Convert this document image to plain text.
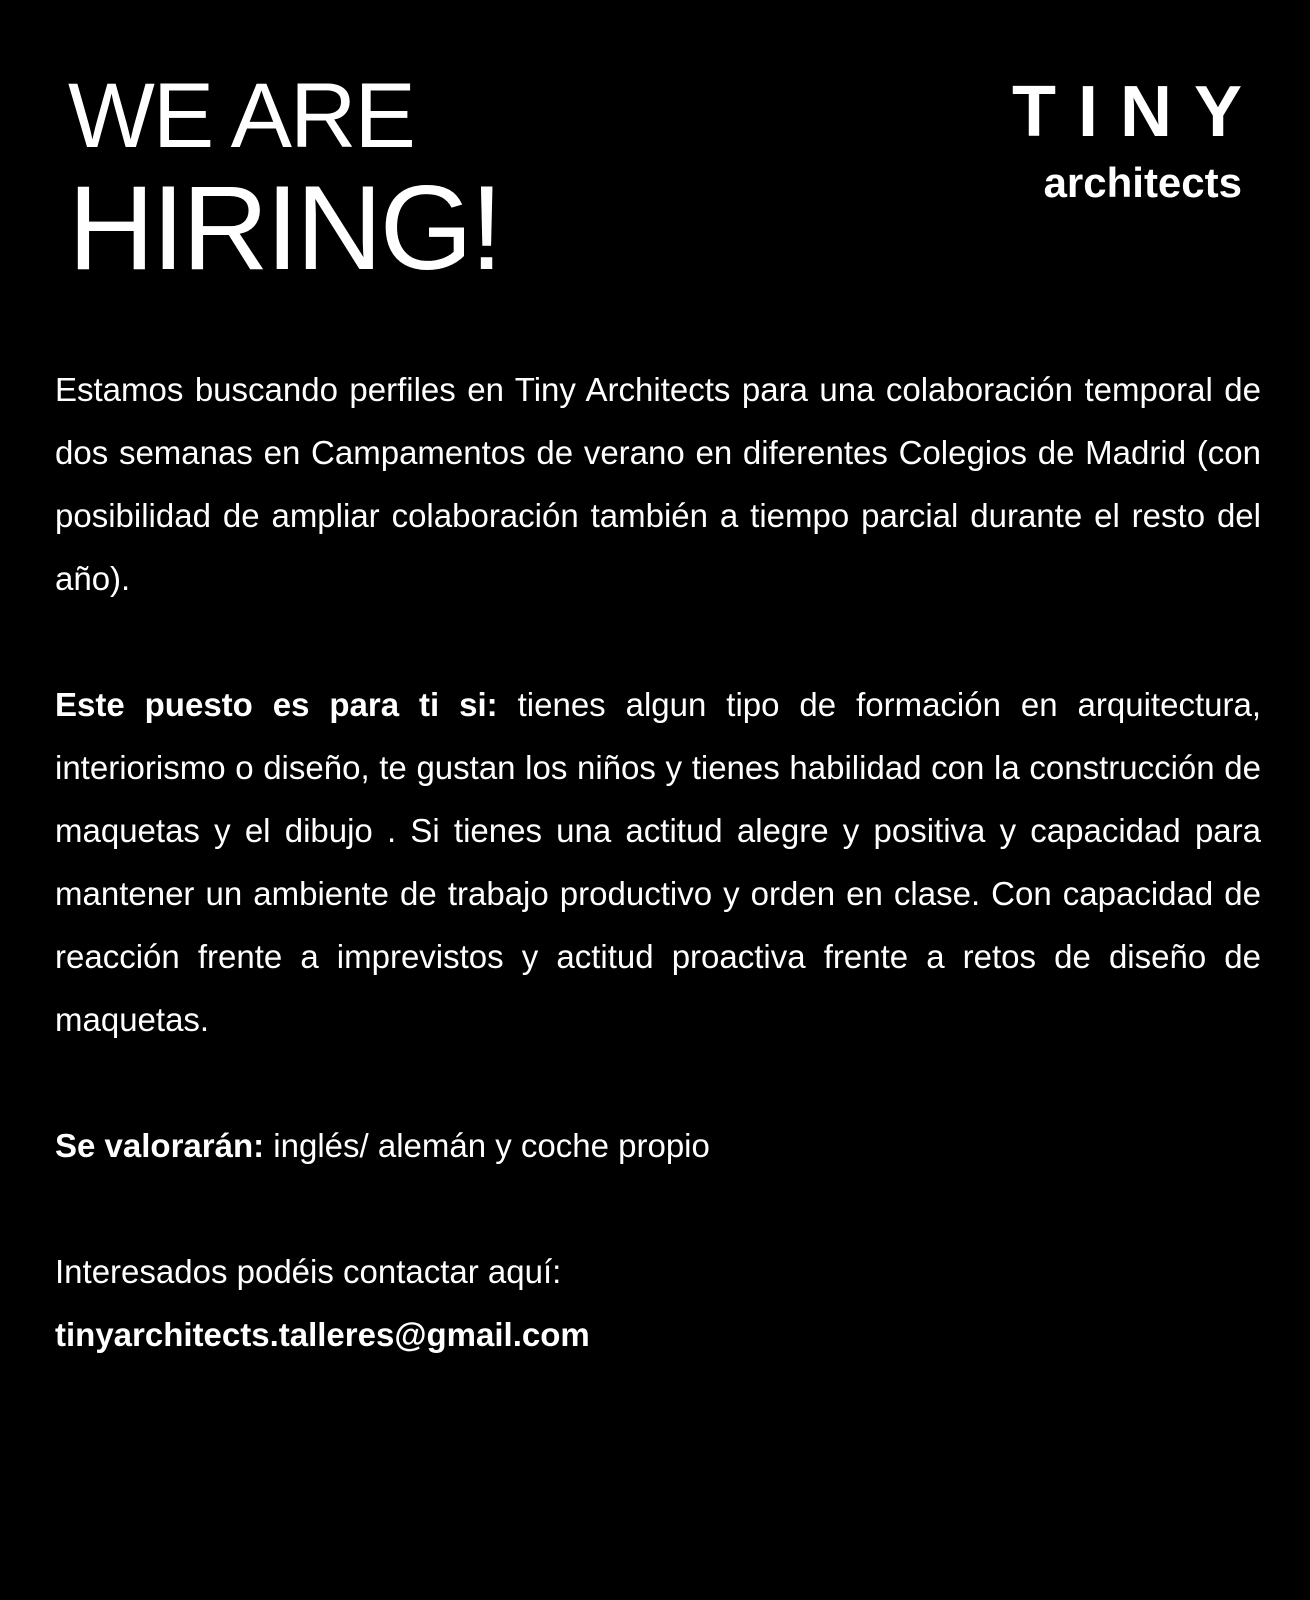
WE ARE
HIRING!
TINY
architects

Estamos buscando perfiles en Tiny Architects para una colaboración temporal de dos semanas en Campamentos de verano en diferentes Colegios de Madrid (con posibilidad de ampliar colaboración también a tiempo parcial durante el resto del año).

Este puesto es para ti si: tienes algun tipo de formación en arquitectura, interiorismo o diseño, te gustan los niños y tienes habilidad con la construcción de maquetas y el dibujo . Si tienes una actitud alegre y positiva y capacidad para mantener un ambiente de trabajo productivo y orden en clase. Con capacidad de reacción frente a imprevistos y actitud proactiva frente a retos de diseño de maquetas.

Se valorarán: inglés/ alemán y coche propio

Interesados podéis contactar aquí:

tinyarchitects.talleres@gmail.com
